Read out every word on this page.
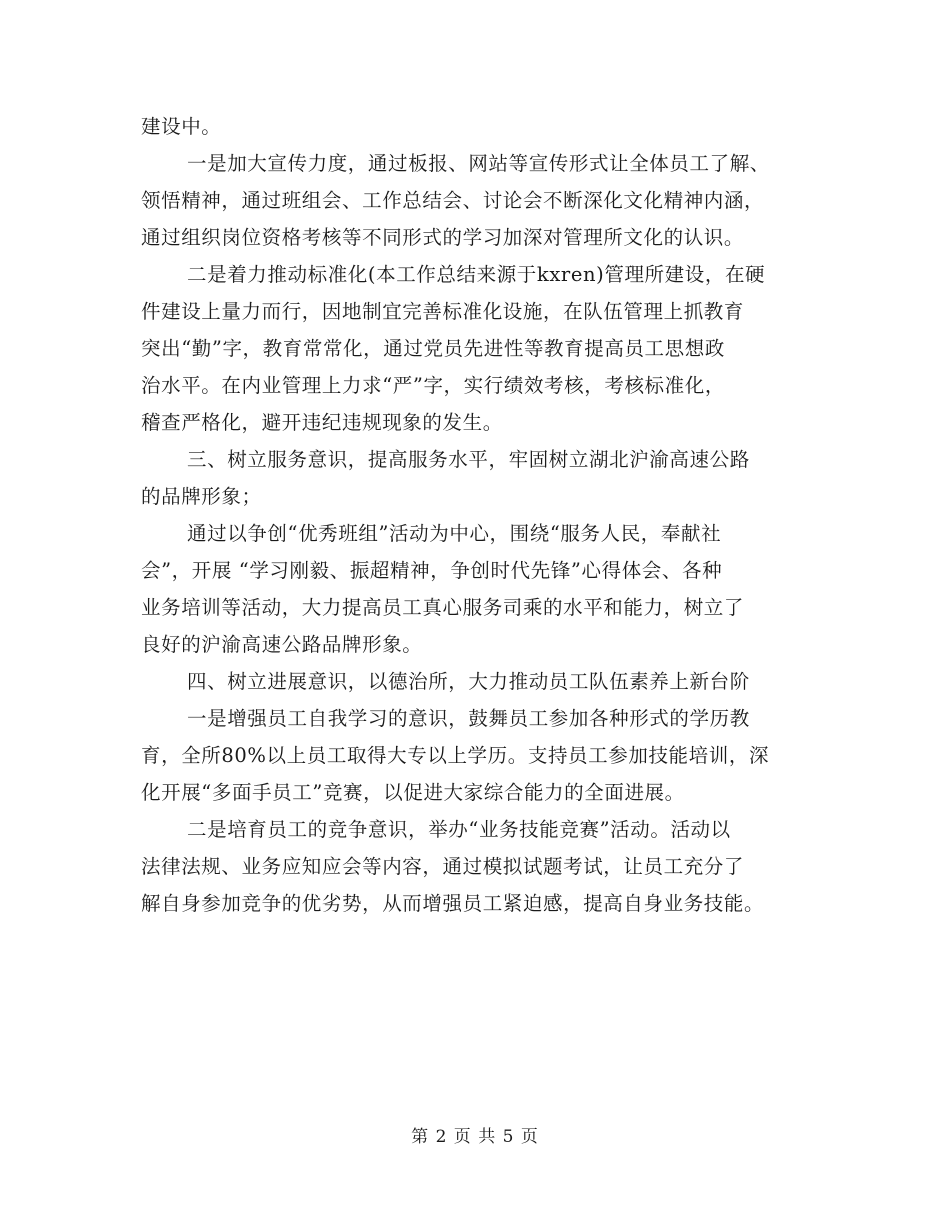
建设中。
一是加大宣传力度，通过板报、网站等宣传形式让全体员工了解、
领悟精神，通过班组会、工作总结会、讨论会不断深化文化精神内涵，
通过组织岗位资格考核等不同形式的学习加深对管理所文化的认识。
二是着力推动标准化(本工作总结来源于kxren)管理所建设，在硬
件建设上量力而行，因地制宜完善标准化设施，在队伍管理上抓教育
突出“勤”字，教育常常化，通过党员先进性等教育提高员工思想政
治水平。在内业管理上力求“严”字，实行绩效考核，考核标准化，
稽查严格化，避开违纪违规现象的发生。
三、树立服务意识，提高服务水平，牢固树立湖北沪渝高速公路
的品牌形象；
通过以争创“优秀班组”活动为中心，围绕“服务人民，奉献社
会”，开展 “学习刚毅、振超精神，争创时代先锋”心得体会、各种
业务培训等活动，大力提高员工真心服务司乘的水平和能力，树立了
良好的沪渝高速公路品牌形象。
四、树立进展意识，以德治所，大力推动员工队伍素养上新台阶
一是增强员工自我学习的意识，鼓舞员工参加各种形式的学历教
育，全所80%以上员工取得大专以上学历。支持员工参加技能培训，深
化开展“多面手员工”竞赛，以促进大家综合能力的全面进展。
二是培育员工的竞争意识，举办“业务技能竞赛”活动。活动以
法律法规、业务应知应会等内容，通过模拟试题考试，让员工充分了
解自身参加竞争的优劣势，从而增强员工紧迫感，提高自身业务技能。
第 2 页 共 5 页
